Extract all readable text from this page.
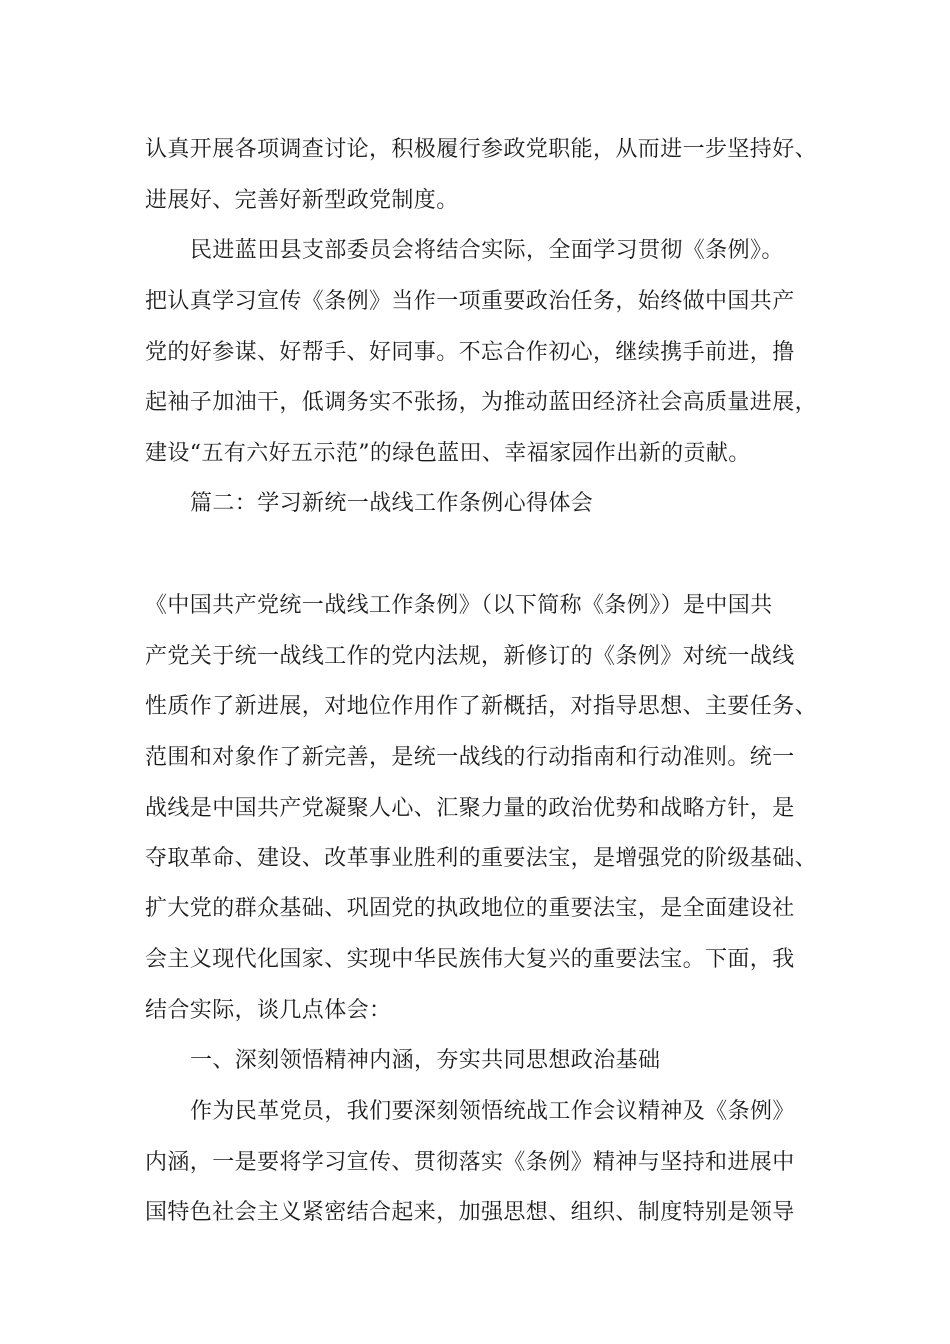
认真开展各项调查讨论，积极履行参政党职能，从而进一步坚持好、
进展好、完善好新型政党制度。
民进蓝田县支部委员会将结合实际，全面学习贯彻《条例》。
把认真学习宣传《条例》当作一项重要政治任务，始终做中国共产
党的好参谋、好帮手、好同事。不忘合作初心，继续携手前进，撸
起袖子加油干，低调务实不张扬，为推动蓝田经济社会高质量进展，
建设“五有六好五示范”的绿色蓝田、幸福家园作出新的贡献。
篇二：学习新统一战线工作条例心得体会
《中国共产党统一战线工作条例》（以下简称《条例》）是中国共
产党关于统一战线工作的党内法规，新修订的《条例》对统一战线
性质作了新进展，对地位作用作了新概括，对指导思想、主要任务、
范围和对象作了新完善，是统一战线的行动指南和行动准则。统一
战线是中国共产党凝聚人心、汇聚力量的政治优势和战略方针，是
夺取革命、建设、改革事业胜利的重要法宝，是增强党的阶级基础、
扩大党的群众基础、巩固党的执政地位的重要法宝，是全面建设社
会主义现代化国家、实现中华民族伟大复兴的重要法宝。下面，我
结合实际，谈几点体会：
一、深刻领悟精神内涵，夯实共同思想政治基础
作为民革党员，我们要深刻领悟统战工作会议精神及《条例》
内涵，一是要将学习宣传、贯彻落实《条例》精神与坚持和进展中
国特色社会主义紧密结合起来，加强思想、组织、制度特别是领导
